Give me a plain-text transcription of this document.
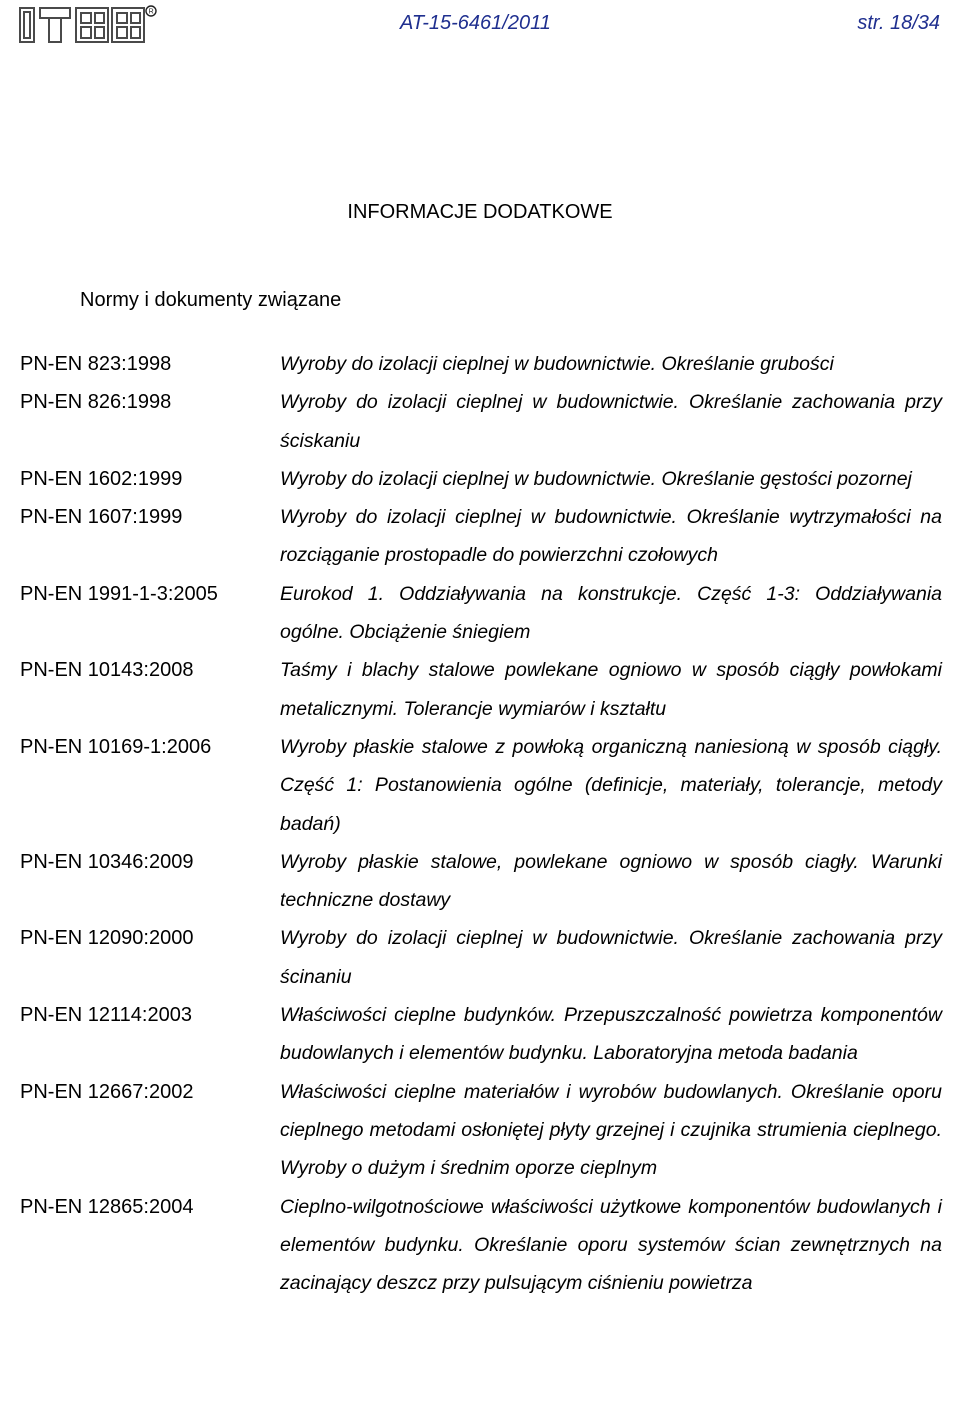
R	AT-15-6461/2011	str. 18/34
INFORMACJE DODATKOWE
Normy i dokumenty związane
PN-EN 823:1998	Wyroby do izolacji cieplnej w budownictwie. Określanie grubości
PN-EN 826:1998	Wyroby do izolacji cieplnej w budownictwie. Określanie zachowania przy ściskaniu
PN-EN 1602:1999	Wyroby do izolacji cieplnej w budownictwie. Określanie gęstości pozornej
PN-EN 1607:1999	Wyroby do izolacji cieplnej w budownictwie. Określanie wytrzymałości na rozciąganie prostopadle do powierzchni czołowych
PN-EN 1991-1-3:2005	Eurokod 1. Oddziaływania na konstrukcje. Część 1-3: Oddziaływania ogólne. Obciążenie śniegiem
PN-EN 10143:2008	Taśmy i blachy stalowe powlekane ogniowo w sposób ciągły powłokami metalicznymi. Tolerancje wymiarów i kształtu
PN-EN 10169-1:2006	Wyroby płaskie stalowe z powłoką organiczną naniesioną w sposób ciągły. Część 1: Postanowienia ogólne (definicje, materiały, tolerancje, metody badań)
PN-EN 10346:2009	Wyroby płaskie stalowe, powlekane ogniowo w sposób ciagły. Warunki techniczne dostawy
PN-EN 12090:2000	Wyroby do izolacji cieplnej w budownictwie. Określanie zachowania przy ścinaniu
PN-EN 12114:2003	Właściwości cieplne budynków. Przepuszczalność powietrza komponentów budowlanych i elementów budynku. Laboratoryjna metoda badania
PN-EN 12667:2002	Właściwości cieplne materiałów i wyrobów budowlanych. Określanie oporu cieplnego metodami osłoniętej płyty grzejnej i czujnika strumienia cieplnego. Wyroby o dużym i średnim oporze cieplnym
PN-EN 12865:2004	Cieplno-wilgotnościowe właściwości użytkowe komponentów budowlanych i elementów budynku. Określanie oporu systemów ścian zewnętrznych na zacinający deszcz przy pulsującym ciśnieniu powietrza
